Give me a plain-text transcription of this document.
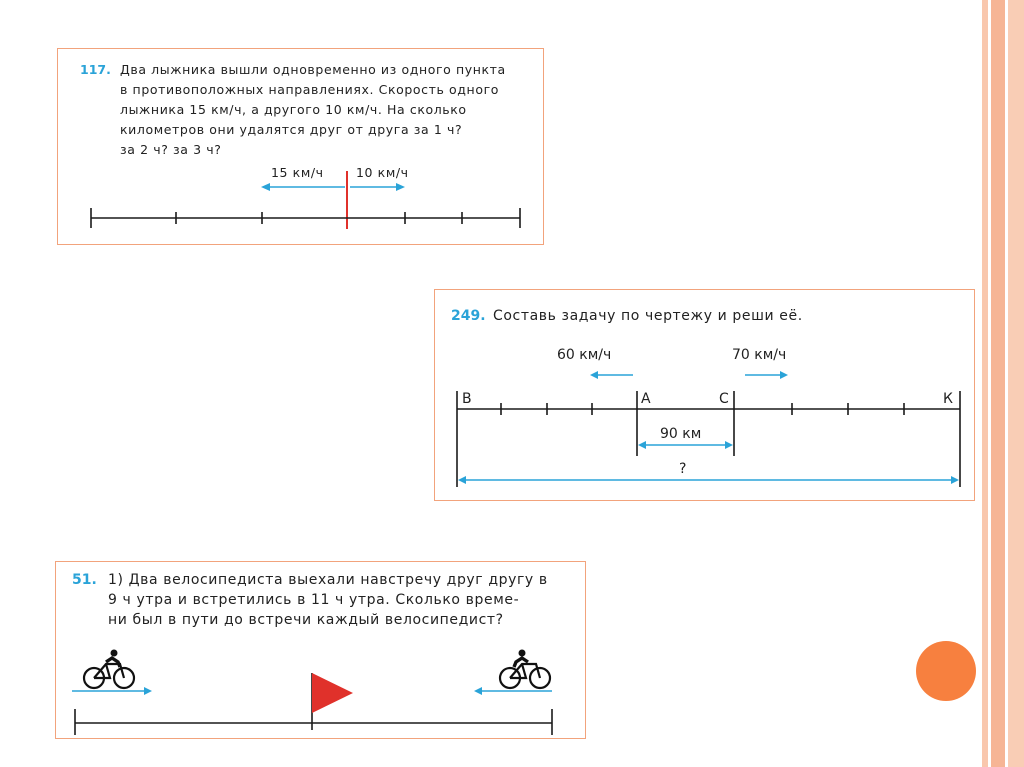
117. Два лыжника вышли одновременно из одного пункта
в противоположных направлениях. Скорость одного
лыжника 15 км/ч, а другого 10 км/ч. На сколько
километров они удалятся друг от друга за 1 ч?
за 2 ч? за 3 ч?
15 км/ч	10 км/ч
249. Составь задачу по чертежу и реши её.
60 км/ч	70 км/ч
В	А	С	К
90 км
?
51. 1) Два велосипедиста выехали навстречу друг другу в
9 ч утра и встретились в 11 ч утра. Сколько време-
ни был в пути до встречи каждый велосипедист?
